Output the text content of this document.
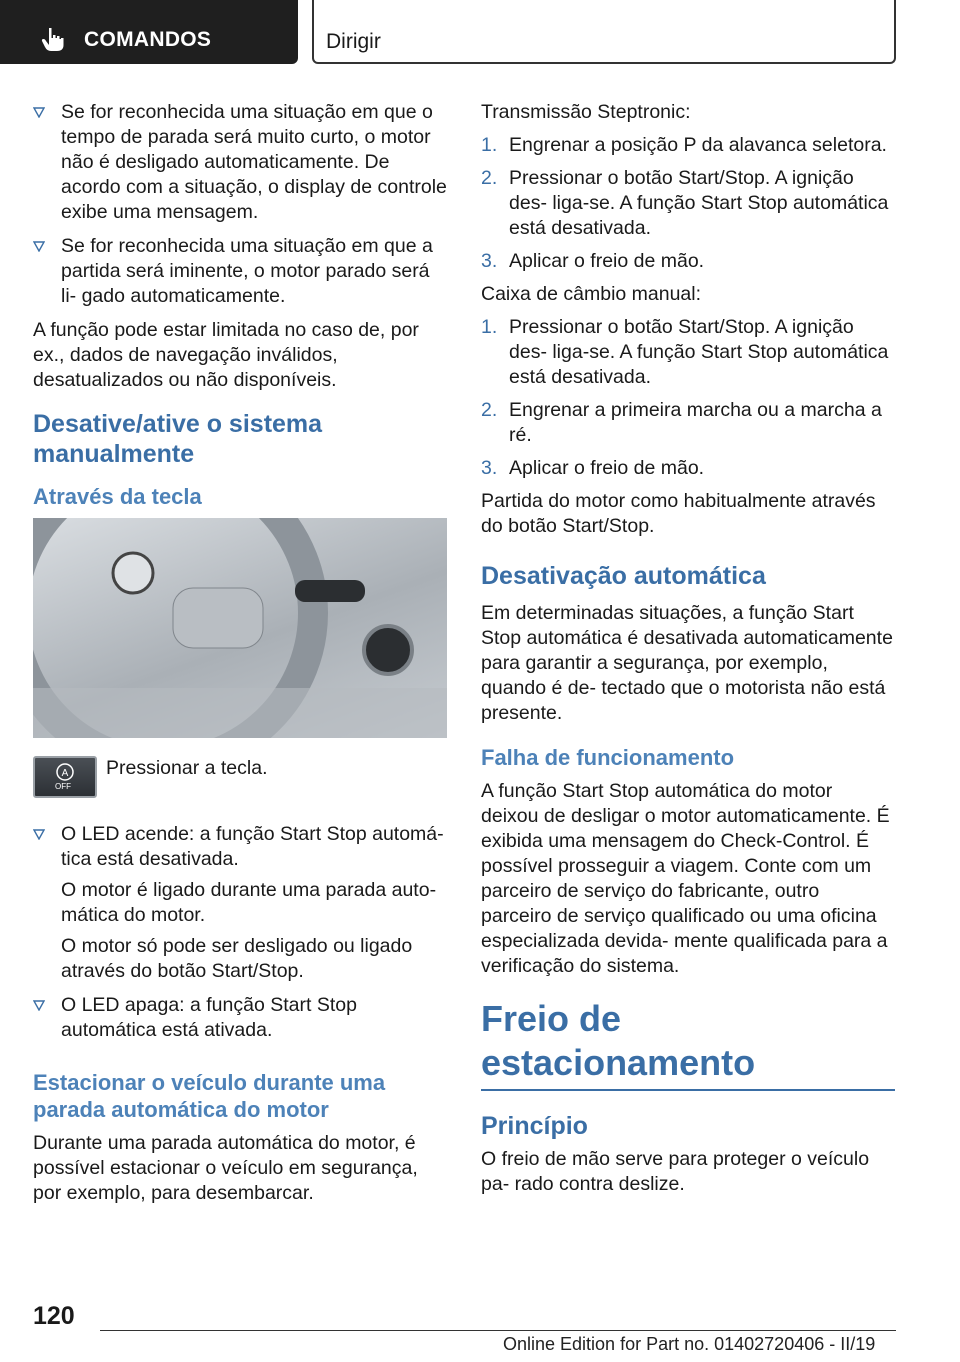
COMANDOS	Dirigir
Se for reconhecida uma situação em que o tempo de parada será muito curto, o motor não é desligado automaticamente. De acordo com a situação, o display de controle exibe uma mensagem.
Se for reconhecida uma situação em que a partida será iminente, o motor parado será li‐ gado automaticamente.

A função pode estar limitada no caso de, por ex., dados de navegação inválidos, desatualizados ou não disponíveis.

Desative/ative o sistema manualmente
Através da tecla
A
OFF
Pressionar a tecla.
O LED acende: a função Start Stop automá‐ tica está desativada.
O motor é ligado durante uma parada auto‐ mática do motor.
O motor só pode ser desligado ou ligado através do botão Start/Stop.
O LED apaga: a função Start Stop automática está ativada.
Estacionar o veículo durante uma parada automática do motor

Durante uma parada automática do motor, é possível estacionar o veículo em segurança, por exemplo, para desembarcar.

Transmissão Steptronic:

1. Engrenar a posição P da alavanca seletora.
2. Pressionar o botão Start/Stop. A ignição des‐ liga-se. A função Start Stop automática está desativada.
3. Aplicar o freio de mão.

Caixa de câmbio manual:

1. Pressionar o botão Start/Stop. A ignição des‐ liga-se. A função Start Stop automática está desativada.
2. Engrenar a primeira marcha ou a marcha a ré.
3. Aplicar o freio de mão.

Partida do motor como habitualmente através do botão Start/Stop.

Desativação automática

Em determinadas situações, a função Start Stop automática é desativada automaticamente para garantir a segurança, por exemplo, quando é de‐ tectado que o motorista não está presente.

Falha de funcionamento

A função Start Stop automática do motor deixou de desligar o motor automaticamente. É exibida uma mensagem do Check-Control. É possível prosseguir a viagem. Conte com um parceiro de serviço do fabricante, outro parceiro de serviço qualificado ou uma oficina especializada devida‐ mente qualificada para a verificação do sistema.

Freio de estacionamento
Princípio

O freio de mão serve para proteger o veículo pa‐ rado contra deslize.

120
Online Edition for Part no. 01402720406 - II/19
